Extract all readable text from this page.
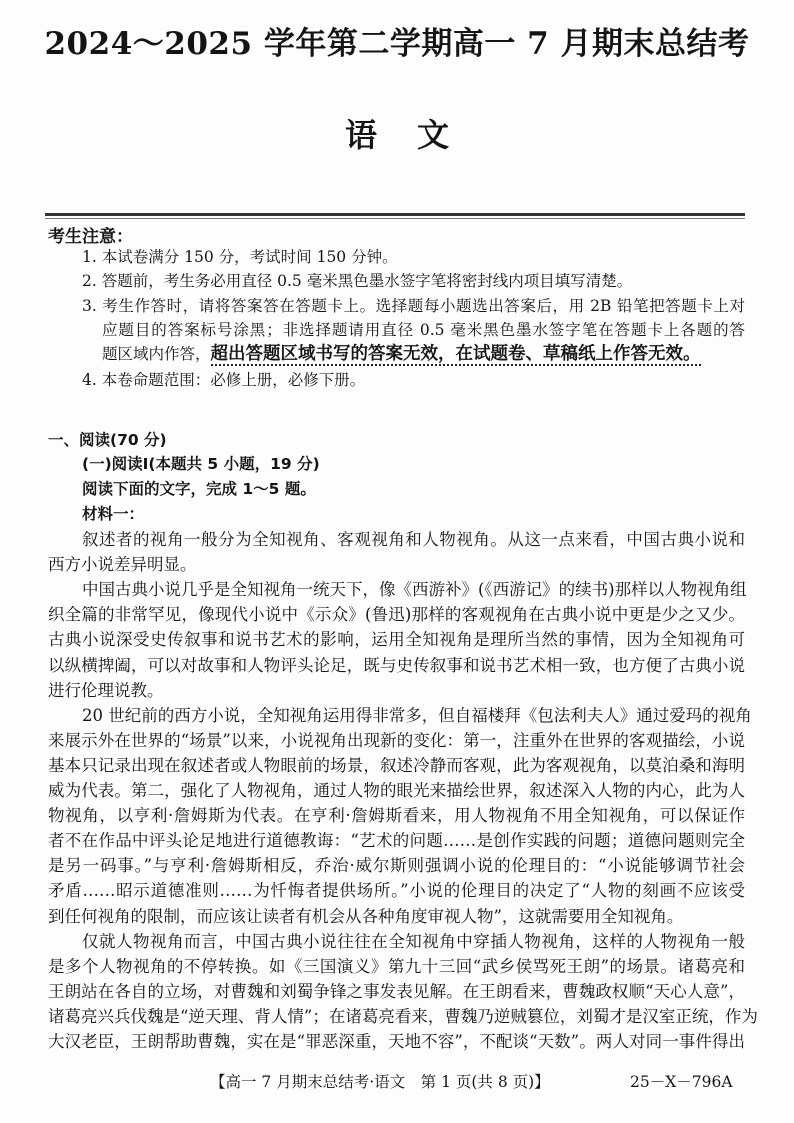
2024～2025 学年第二学期高一 7 月期末总结考
语文
考生注意：
1. 本试卷满分 150 分，考试时间 150 分钟。
2. 答题前，考生务必用直径 0.5 毫米黑色墨水签字笔将密封线内项目填写清楚。
3. 考生作答时，请将答案答在答题卡上。选择题每小题选出答案后，用 2B 铅笔把答题卡上对
应题目的答案标号涂黑；非选择题请用直径 0.5 毫米黑色墨水签字笔在答题卡上各题的答
题区域内作答，超出答题区域书写的答案无效，在试题卷、草稿纸上作答无效。
4. 本卷命题范围：必修上册，必修下册。
一、阅读(70 分)
(一)阅读Ⅰ(本题共 5 小题，19 分)
阅读下面的文字，完成 1～5 题。
材料一：
叙述者的视角一般分为全知视角、客观视角和人物视角。从这一点来看，中国古典小说和
西方小说差异明显。
中国古典小说几乎是全知视角一统天下，像《西游补》(《西游记》的续书)那样以人物视角组
织全篇的非常罕见，像现代小说中《示众》(鲁迅)那样的客观视角在古典小说中更是少之又少。
古典小说深受史传叙事和说书艺术的影响，运用全知视角是理所当然的事情，因为全知视角可
以纵横捭阖，可以对故事和人物评头论足，既与史传叙事和说书艺术相一致，也方便了古典小说
进行伦理说教。
20 世纪前的西方小说，全知视角运用得非常多，但自福楼拜《包法利夫人》通过爱玛的视角
来展示外在世界的“场景”以来，小说视角出现新的变化：第一，注重外在世界的客观描绘，小说
基本只记录出现在叙述者或人物眼前的场景，叙述冷静而客观，此为客观视角，以莫泊桑和海明
威为代表。第二，强化了人物视角，通过人物的眼光来描绘世界，叙述深入人物的内心，此为人
物视角，以亨利·詹姆斯为代表。在亨利·詹姆斯看来，用人物视角不用全知视角，可以保证作
者不在作品中评头论足地进行道德教诲：“艺术的问题……是创作实践的问题；道德问题则完全
是另一码事。”与亨利·詹姆斯相反，乔治·威尔斯则强调小说的伦理目的：“小说能够调节社会
矛盾……昭示道德准则……为忏悔者提供场所。”小说的伦理目的决定了“人物的刻画不应该受
到任何视角的限制，而应该让读者有机会从各种角度审视人物”，这就需要用全知视角。
仅就人物视角而言，中国古典小说往往在全知视角中穿插人物视角，这样的人物视角一般
是多个人物视角的不停转换。如《三国演义》第九十三回“武乡侯骂死王朗”的场景。诸葛亮和
王朗站在各自的立场，对曹魏和刘蜀争锋之事发表见解。在王朗看来，曹魏政权顺“天心人意”，
诸葛亮兴兵伐魏是“逆天理、背人情”；在诸葛亮看来，曹魏乃逆贼篡位，刘蜀才是汉室正统，作为
大汉老臣，王朗帮助曹魏，实在是“罪恶深重，天地不容”，不配谈“天数”。两人对同一事件得出
【高一 7 月期末总结考·语文　第 1 页(共 8 页)】	25－X－796A
